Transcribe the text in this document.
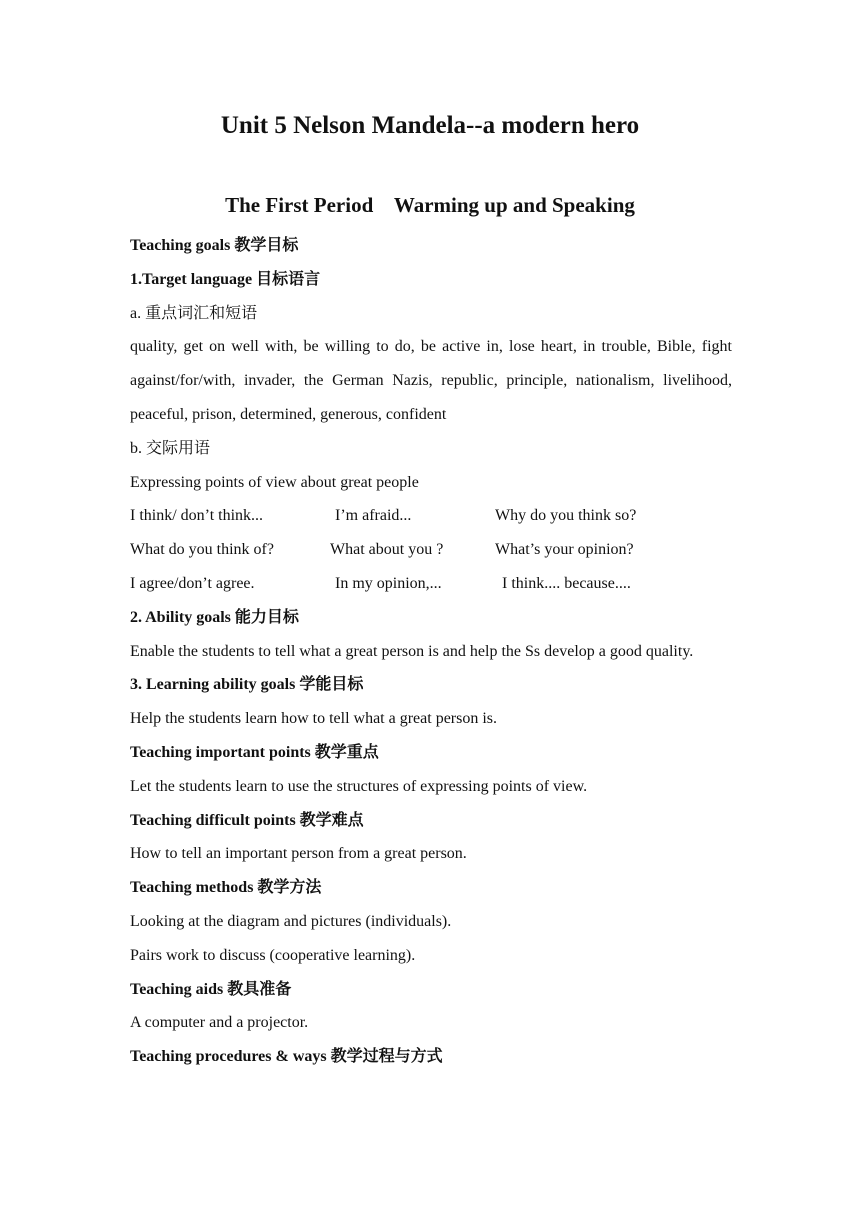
Unit 5 Nelson Mandela--a modern hero
The First Period    Warming up and Speaking

Teaching goals 教学目标

1.Target language 目标语言

a. 重点词汇和短语

quality, get on well with, be willing to do, be active in, lose heart, in trouble, Bible, fight against/for/with, invader, the German Nazis, republic, principle, nationalism, livelihood, peaceful, prison, determined, generous, confident

b. 交际用语

Expressing points of view about great people

I think/ don’t think...	I’m afraid...	Why do you think so?
What do you think of?	What about you ?	What’s your opinion?
I agree/don’t agree.	In my opinion,...	I think.... because....

2. Ability goals 能力目标

Enable the students to tell what a great person is and help the Ss develop a good quality.

3. Learning ability goals 学能目标

Help the students learn how to tell what a great person is.

Teaching important points 教学重点

Let the students learn to use the structures of expressing points of view.

Teaching difficult points 教学难点

How to tell an important person from a great person.

Teaching methods 教学方法

Looking at the diagram and pictures (individuals).

Pairs work to discuss (cooperative learning).

Teaching aids 教具准备

A computer and a projector.

Teaching procedures & ways 教学过程与方式
